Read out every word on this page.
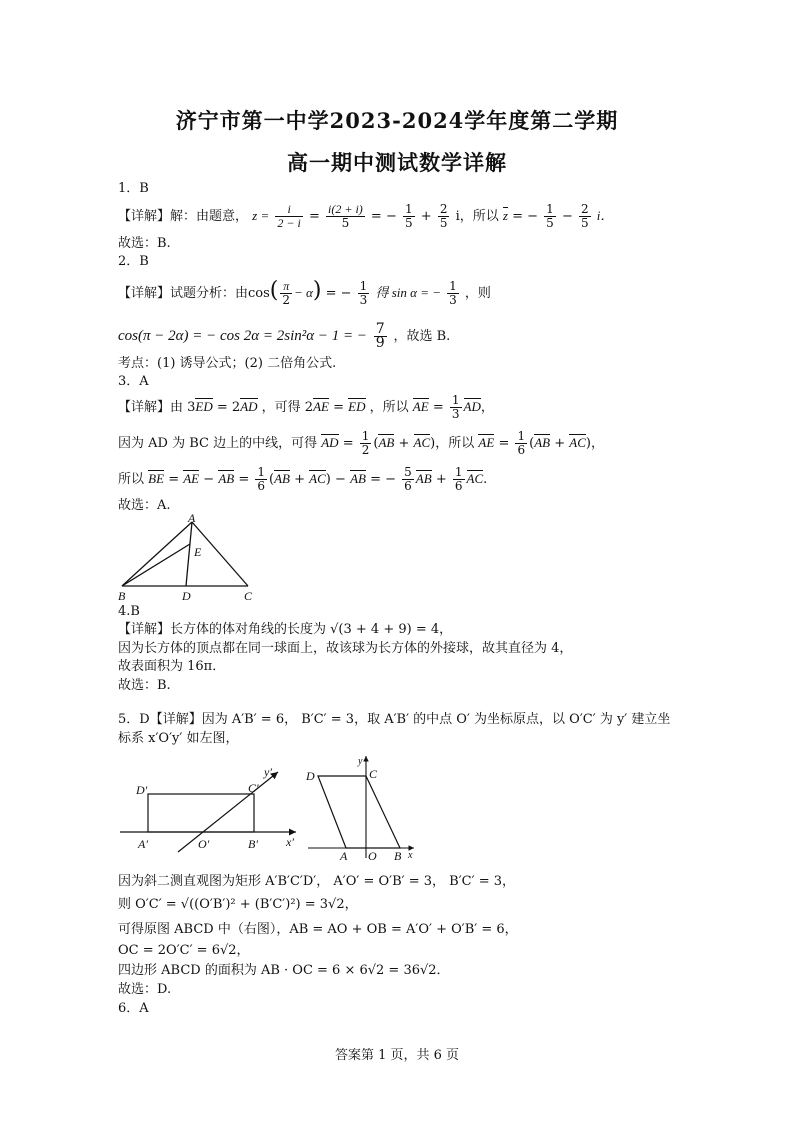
济宁市第一中学2023-2024学年度第二学期
高一期中测试数学详解
1．B
【详解】解：由题意， $z = \frac{i}{2 - i} = \frac{i(2 + i)}{5}$ = − $\frac{1}{5} + \frac{2}{5}$ i，所以 z = − $\frac{1}{5} - \frac{2}{5}$ i．
故选：B.
2．B
【详解】试题分析：由$\cos( \frac{\pi}{2} - \alpha)$ = − $\frac{1}{3}$ 得 sin α = − $\frac{1}{3}$ ，则
cos(π − 2α) = − cos 2α = 2sin²α − 1 = − $\frac{7}{9}$ ，故选 B.
考点：(1) 诱导公式；(2) 二倍角公式.
3．A
【详解】由 3ED = 2AD ，可得 2AE = ED ，所以 AE = $\frac{1}{3}$ AD，
因为 AD 为 BC 边上的中线，可得 AD = $\frac{1}{2} (AB + AC)$，所以 AE = $\frac{1}{6} (AB + AC)$，
所以 BE = AE − AB = $\frac{1}{6} (AB + AC)$ − AB = − $\frac{5}{6}$ AB + $\frac{1}{6}$ AC.
故选：A.
A
E
B	D	C
4.B
【详解】长方体的体对角线的长度为 √(3 + 4 + 9) = 4，
因为长方体的顶点都在同一球面上，故该球为长方体的外接球，故其直径为 4，
故表面积为 16π．
故选：B.
5．D【详解】因为 A′B′ = 6， B′C′ = 3，取 A′B′ 的中点 O′ 为坐标原点，以 O′C′ 为 y′ 建立坐
标系 x′O′y′ 如左图，
D′	C′
A′	O′	B′ x′
y′	D	C
A O B x
y
因为斜二测直观图为矩形 A′B′C′D′， A′O′ = O′B′ = 3， B′C′ = 3，
则 O′C′ = √((O′B′)² + (B′C′)²) = 3√2，
可得原图 ABCD 中（右图），AB = AO + OB = A′O′ + O′B′ = 6，
OC = 2O′C′ = 6√2，
四边形 ABCD 的面积为 AB · OC = 6 × 6√2 = 36√2．
故选：D.
6．A
答案第 1 页，共 6 页
